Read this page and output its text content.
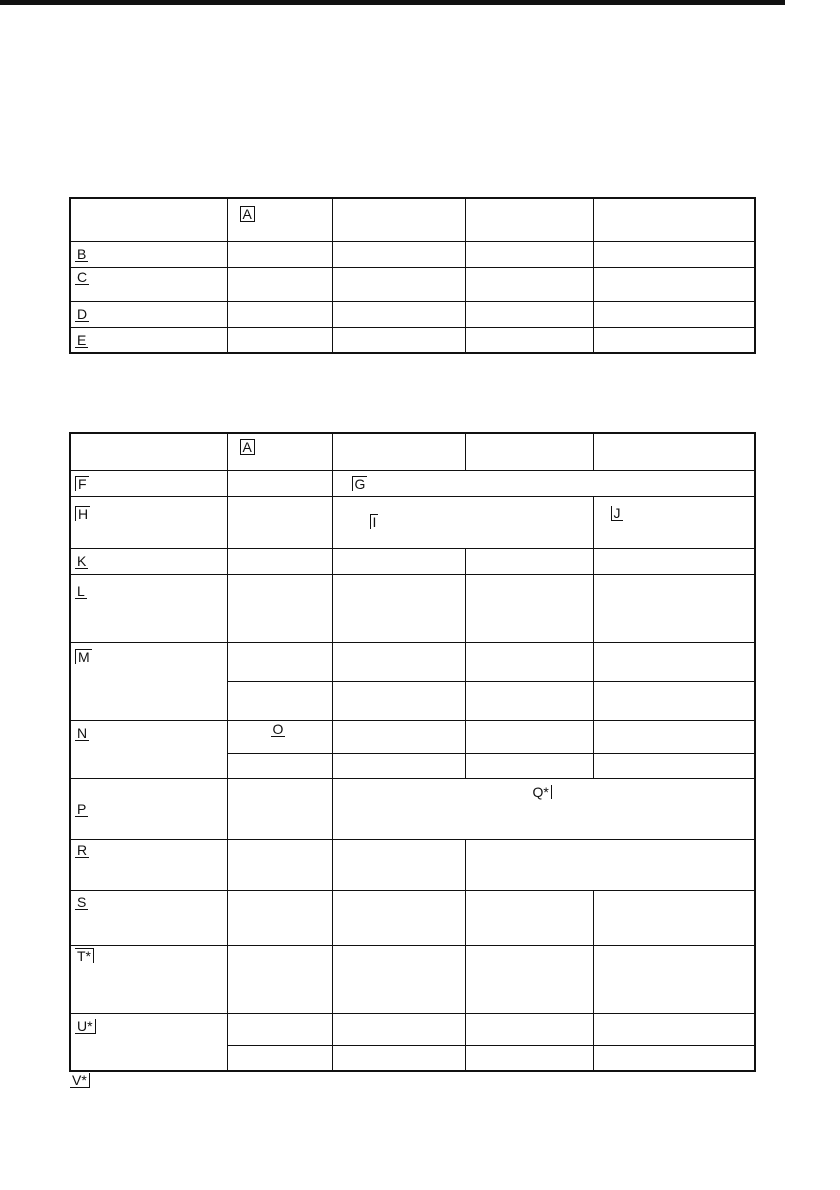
	A			

B				

C				

D				

E				

	A			

F		G		

H		I		J

K				

L				

M				

N	O			

P		Q*		

R				

S				

T*				

U*				

V*
